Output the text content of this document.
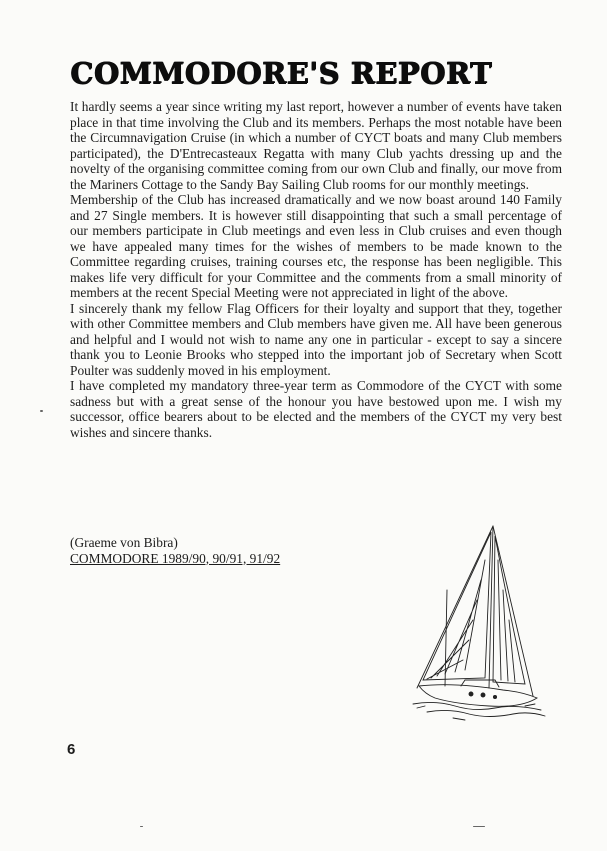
COMMODORE'S REPORT

It hardly seems a year since writing my last report, however a number of events have taken place in that time involving the Club and its members. Perhaps the most notable have been the Circumnavigation Cruise (in which a number of CYCT boats and many Club members participated), the D'Entrecasteaux Regatta with many Club yachts dressing up and the novelty of the organising committee coming from our own Club and finally, our move from the Mariners Cottage to the Sandy Bay Sailing Club rooms for our monthly meetings.

Membership of the Club has increased dramatically and we now boast around 140 Family and 27 Single members. It is however still disappointing that such a small percentage of our members participate in Club meetings and even less in Club cruises and even though we have appealed many times for the wishes of members to be made known to the Committee regarding cruises, training courses etc, the response has been negligible. This makes life very difficult for your Committee and the comments from a small minority of members at the recent Special Meeting were not appreciated in light of the above.

I sincerely thank my fellow Flag Officers for their loyalty and support that they, together with other Committee members and Club members have given me. All have been generous and helpful and I would not wish to name any one in particular - except to say a sincere thank you to Leonie Brooks who stepped into the important job of Secretary when Scott Poulter was suddenly moved in his employment.

I have completed my mandatory three-year term as Commodore of the CYCT with some sadness but with a great sense of the honour you have bestowed upon me. I wish my successor, office bearers about to be elected and the members of the CYCT my very best wishes and sincere thanks.

(Graeme von Bibra)
COMMODORE 1989/90, 90/91, 91/92
6
